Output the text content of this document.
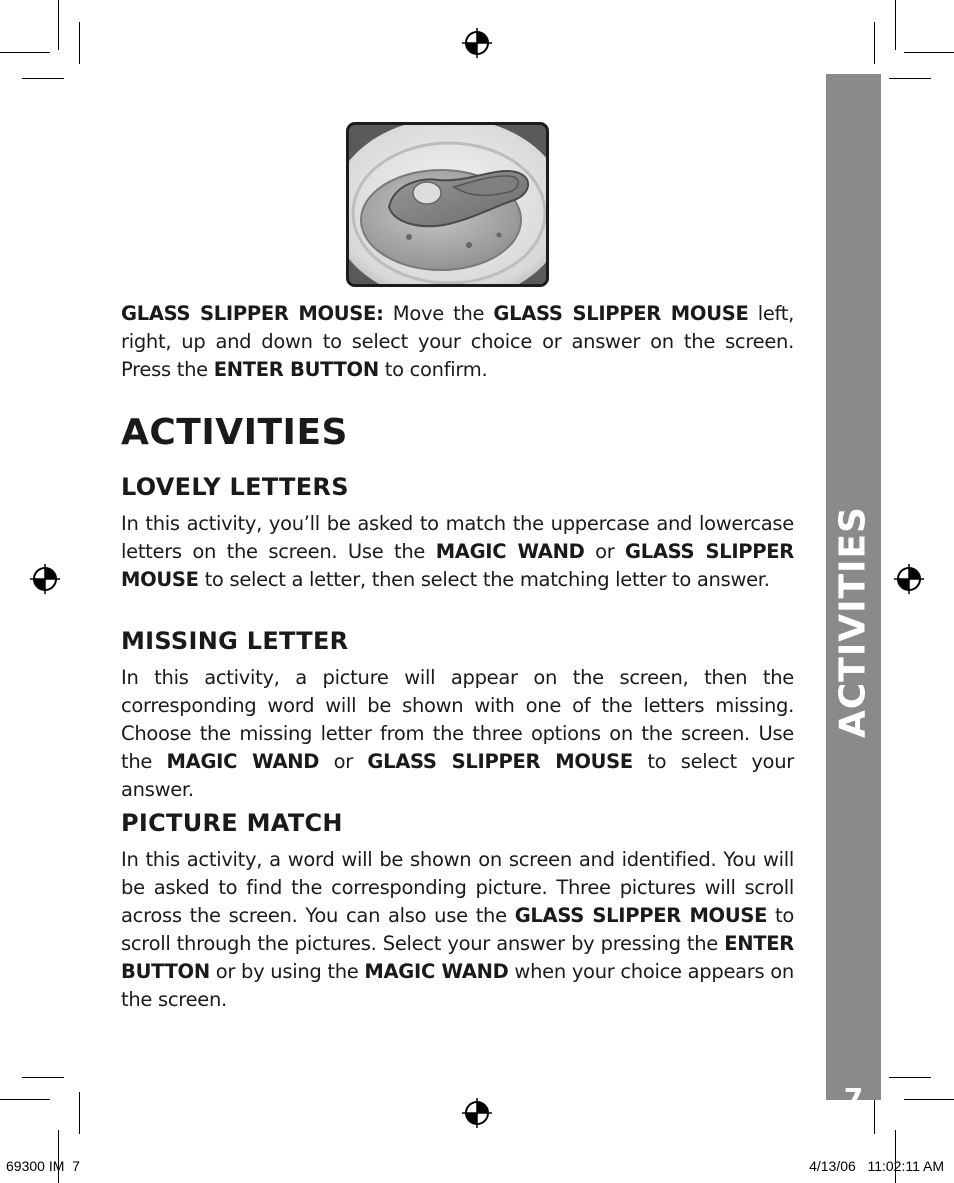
GLASS SLIPPER MOUSE: Move the GLASS SLIPPER MOUSE left, right, up and down to select your choice or answer on the screen. Press the ENTER BUTTON to confirm.

ACTIVITIES
LOVELY LETTERS

In this activity, you’ll be asked to match the uppercase and lowercase letters on the screen. Use the MAGIC WAND or GLASS SLIPPER MOUSE to select a letter, then select the matching letter to answer.

MISSING LETTER

In this activity, a picture will appear on the screen, then the corresponding word will be shown with one of the letters missing. Choose the missing letter from the three options on the screen. Use the MAGIC WAND or GLASS SLIPPER MOUSE to select your answer.

PICTURE MATCH

In this activity, a word will be shown on screen and identified. You will be asked to find the corresponding picture. Three pictures will scroll across the screen. You can also use the GLASS SLIPPER MOUSE to scroll through the pictures. Select your answer by pressing the ENTER BUTTON or by using the MAGIC WAND when your choice appears on the screen.

ACTIVITIES
7
69300 IM  7	4/13/06   11:02:11 AM
